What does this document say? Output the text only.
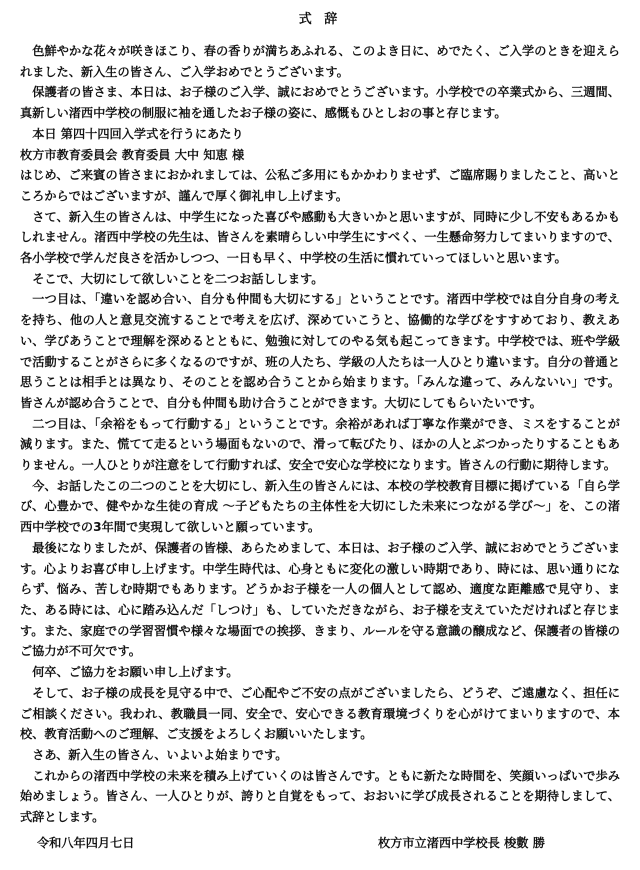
式 辞

色鮮やかな花々が咲きほこり、春の香りが満ちあふれる、このよき日に、めでたく、ご入学のときを迎えられました、新入生の皆さん、ご入学おめでとうございます。

保護者の皆さま、本日は、お子様のご入学、誠におめでとうございます。小学校での卒業式から、三週間、真新しい渚西中学校の制服に袖を通したお子様の姿に、感慨もひとしおの事と存じます。

本日 第四十四回入学式を行うにあたり

枚方市教育委員会 教育委員 大中 知恵 様

はじめ、ご来賓の皆さまにおかれましては、公私ご多用にもかかわりませず、ご臨席賜りましたこと、高いところからではございますが、謹んで厚く御礼申し上げます。

さて、新入生の皆さんは、中学生になった喜びや感動も大きいかと思いますが、同時に少し不安もあるかもしれません。渚西中学校の先生は、皆さんを素晴らしい中学生にすべく、一生懸命努力してまいりますので、各小学校で学んだ良さを活かしつつ、一日も早く、中学校の生活に慣れていってほしいと思います。

そこで、大切にして欲しいことを二つお話しします。

一つ目は、「違いを認め合い、自分も仲間も大切にする」ということです。渚西中学校では自分自身の考えを持ち、他の人と意見交流することで考えを広げ、深めていこうと、協働的な学びをすすめており、教えあい、学びあうことで理解を深めるとともに、勉強に対してのやる気も起こってきます。中学校では、班や学級で活動することがさらに多くなるのですが、班の人たち、学級の人たちは一人ひとり違います。自分の普通と思うことは相手とは異なり、そのことを認め合うことから始まります。「みんな違って、みんないい」です。皆さんが認め合うことで、自分も仲間も助け合うことができます。大切にしてもらいたいです。

二つ目は、「余裕をもって行動する」ということです。余裕があれば丁寧な作業ができ、ミスをすることが減ります。また、慌てて走るという場面もないので、滑って転びたり、ほかの人とぶつかったりすることもありません。一人ひとりが注意をして行動すれば、安全で安心な学校になります。皆さんの行動に期待します。

今、お話したこの二つのことを大切にし、新入生の皆さんには、本校の学校教育目標に掲げている「自ら学び、心豊かで、健やかな生徒の育成 ～子どもたちの主体性を大切にした未来につながる学び～」を、この渚西中学校での3年間で実現して欲しいと願っています。

最後になりましたが、保護者の皆様、あらためまして、本日は、お子様のご入学、誠におめでとうございます。心よりお喜び申し上げます。中学生時代は、心身ともに変化の激しい時期であり、時には、思い通りにならず、悩み、苦しむ時期でもあります。どうかお子様を一人の個人として認め、適度な距離感で見守り、また、ある時には、心に踏み込んだ「しつけ」も、していただきながら、お子様を支えていただければと存じます。また、家庭での学習習慣や様々な場面での挨拶、きまり、ルールを守る意識の醸成など、保護者の皆様のご協力が不可欠です。

何卒、ご協力をお願い申し上げます。

そして、お子様の成長を見守る中で、ご心配やご不安の点がございましたら、どうぞ、ご遠慮なく、担任にご相談ください。我われ、教職員一同、安全で、安心できる教育環境づくりを心がけてまいりますので、本校、教育活動へのご理解、ご支援をよろしくお願いいたします。

さあ、新入生の皆さん、いよいよ始まりです。

これからの渚西中学校の未来を積み上げていくのは皆さんです。ともに新たな時間を、笑顔いっぱいで歩み始めましょう。皆さん、一人ひとりが、誇りと自覚をもって、おおいに学び成長されることを期待しまして、式辞とします。

令和八年四月七日	枚方市立渚西中学校長 梭數 勝
